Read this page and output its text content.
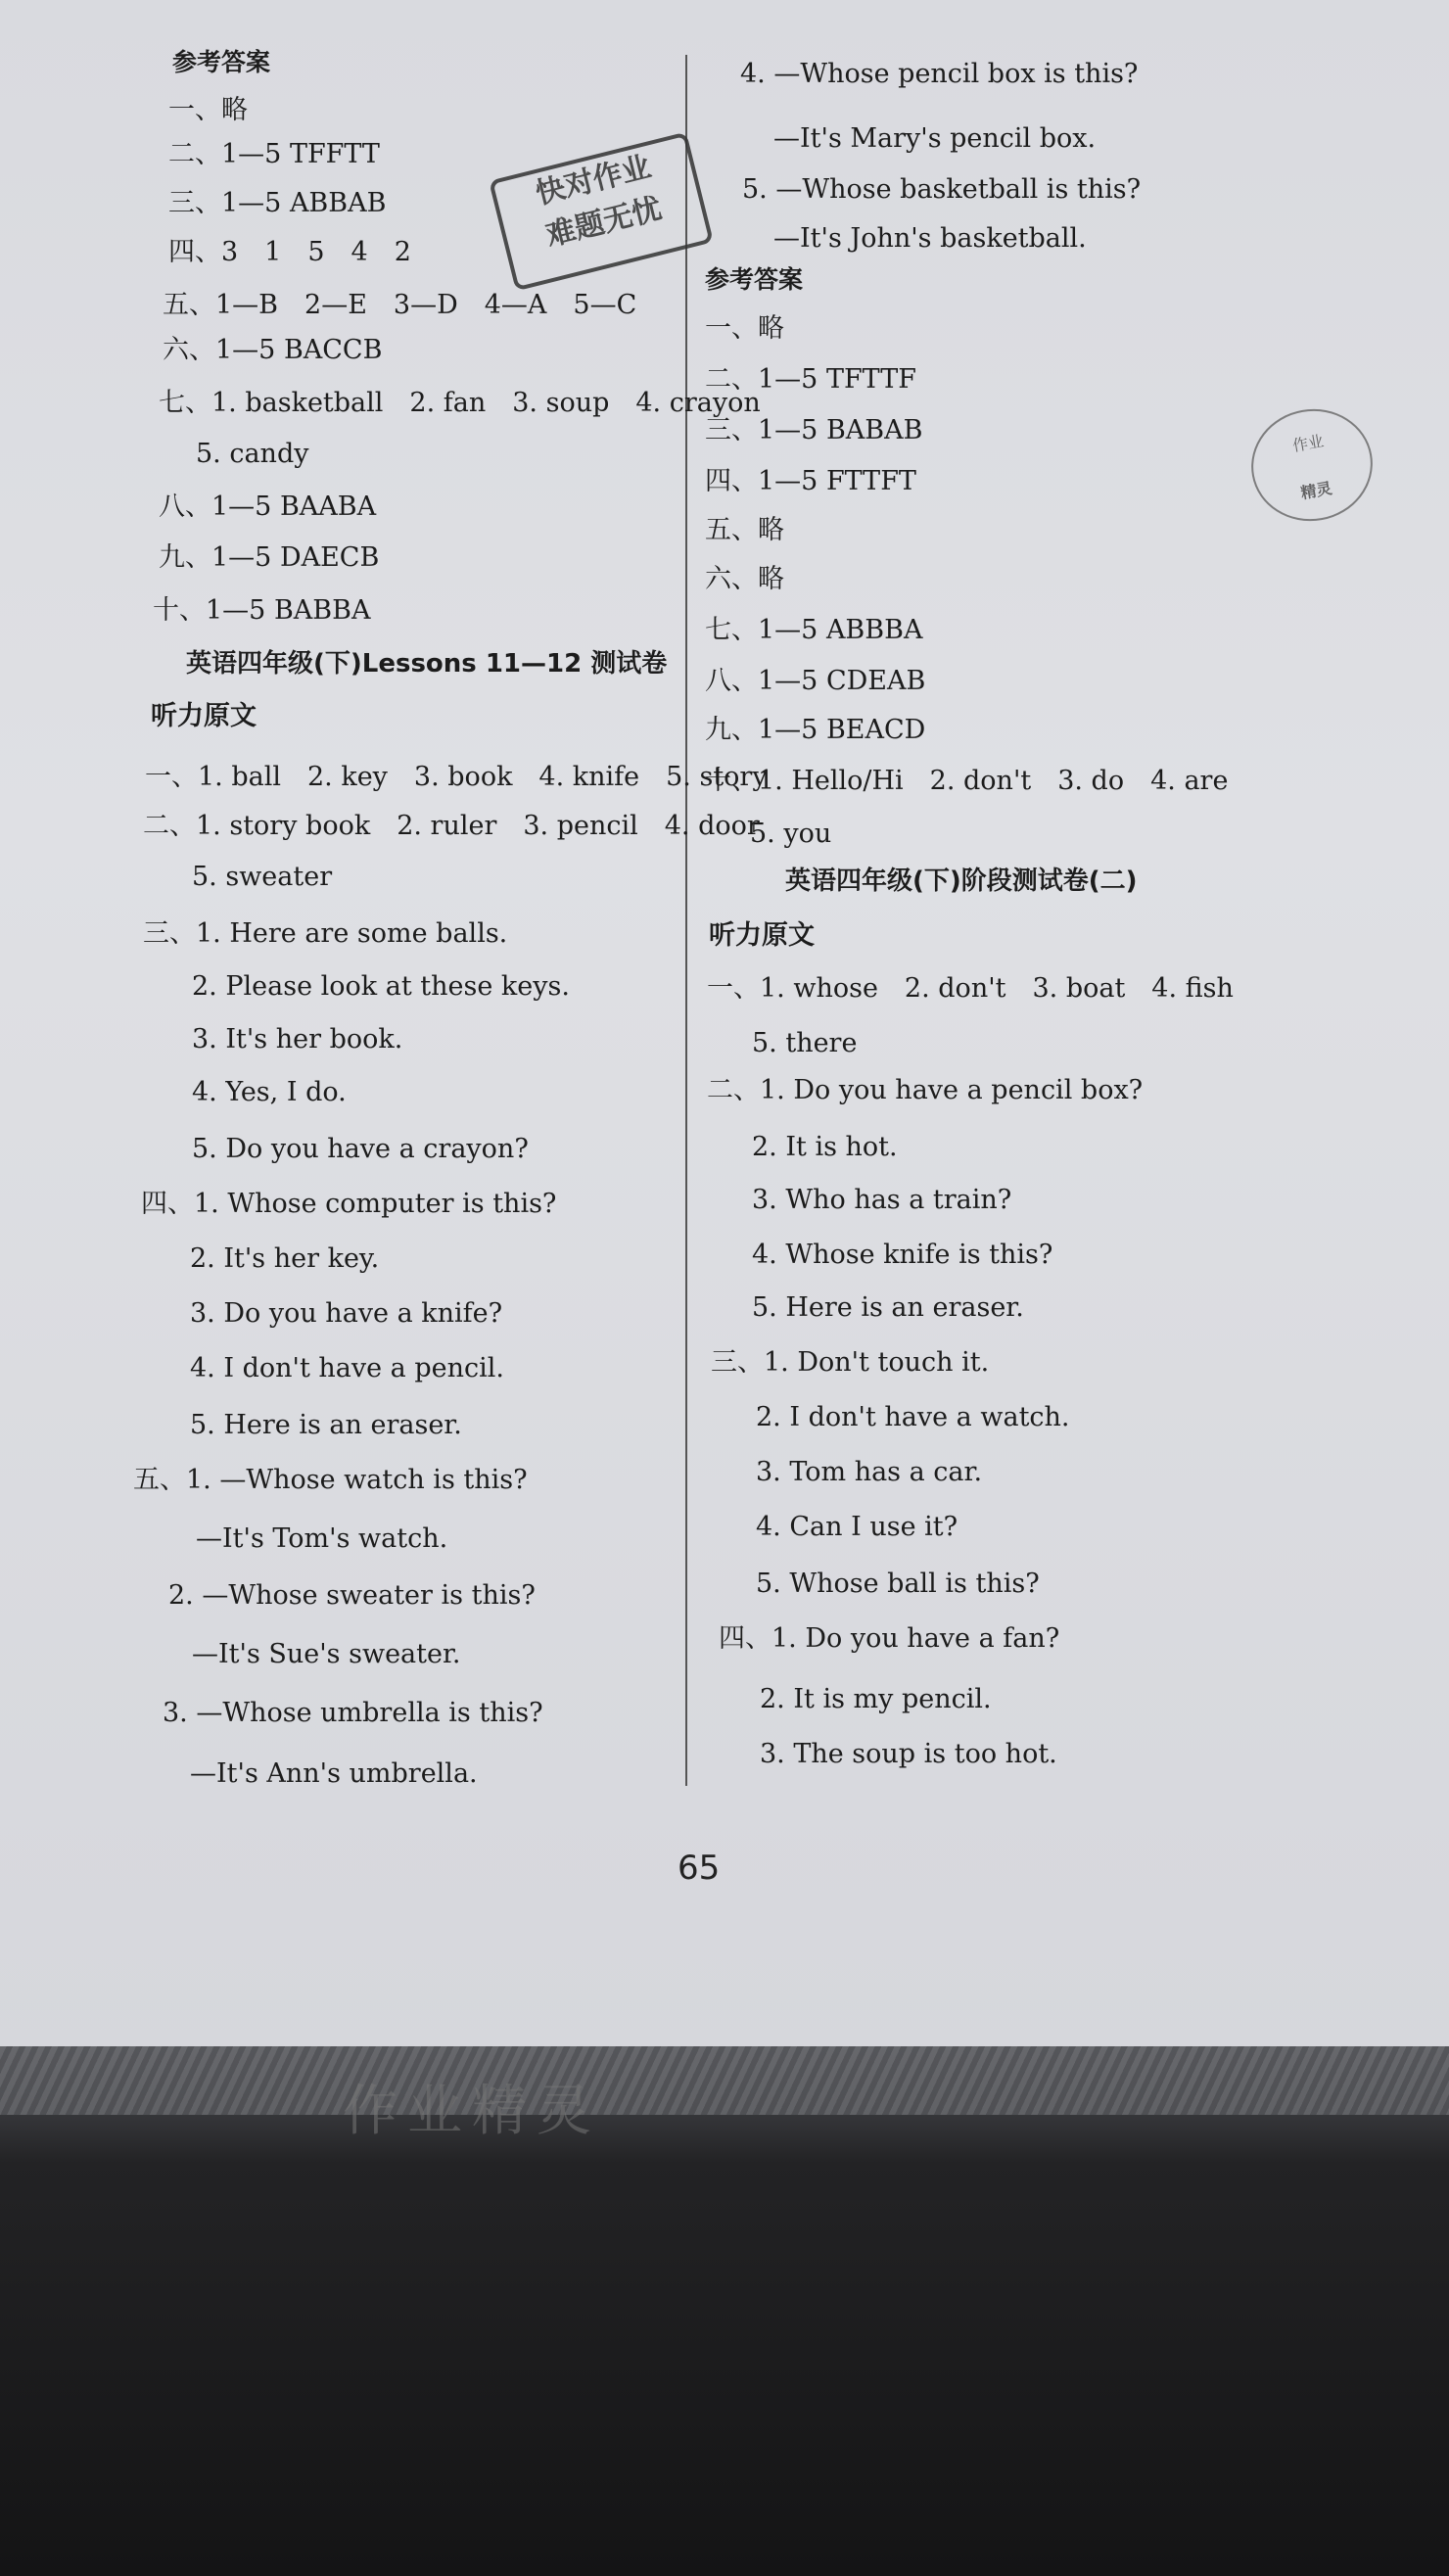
快对作业
难题无忧
作业
精灵
参考答案
一、略
二、1—5 TFFTT
三、1—5 ABBAB
四、3　1　5　4　2
五、1—B　2—E　3—D　4—A　5—C
六、1—5 BACCB
七、1. basketball　2. fan　3. soup　4. crayon
5. candy
八、1—5 BAABA
九、1—5 DAECB
十、1—5 BABBA
英语四年级(下)Lessons 11—12 测试卷
听力原文
一、1. ball　2. key　3. book　4. knife　5. story
二、1. story book　2. ruler　3. pencil　4. door
5. sweater
三、1. Here are some balls.
2. Please look at these keys.
3. It's her book.
4. Yes, I do.
5. Do you have a crayon?
四、1. Whose computer is this?
2. It's her key.
3. Do you have a knife?
4. I don't have a pencil.
5. Here is an eraser.
五、1. —Whose watch is this?
—It's Tom's watch.
2. —Whose sweater is this?
—It's Sue's sweater.
3. —Whose umbrella is this?
—It's Ann's umbrella.
4. —Whose pencil box is this?
—It's Mary's pencil box.
5. —Whose basketball is this?
—It's John's basketball.
参考答案
一、略
二、1—5 TFTTF
三、1—5 BABAB
四、1—5 FTTFT
五、略
六、略
七、1—5 ABBBA
八、1—5 CDEAB
九、1—5 BEACD
十、1. Hello/Hi　2. don't　3. do　4. are
5. you
英语四年级(下)阶段测试卷(二)
听力原文
一、1. whose　2. don't　3. boat　4. fish
5. there
二、1. Do you have a pencil box?
2. It is hot.
3. Who has a train?
4. Whose knife is this?
5. Here is an eraser.
三、1. Don't touch it.
2. I don't have a watch.
3. Tom has a car.
4. Can I use it?
5. Whose ball is this?
四、1. Do you have a fan?
2. It is my pencil.
3. The soup is too hot.
65
作业精灵
